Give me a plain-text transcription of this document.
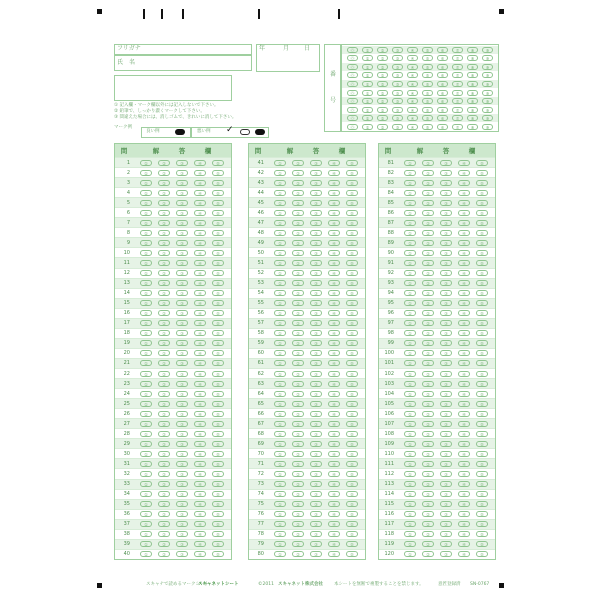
フリガナ
氏　名
年	月 日
番
号
⓪	①	②	③	④	⑤	⑥	⑦	⑧	⑨
⓪	①	②	③	④	⑤	⑥	⑦	⑧	⑨
⓪	①	②	③	④	⑤	⑥	⑦	⑧	⑨
⓪	①	②	③	④	⑤	⑥	⑦	⑧	⑨
⓪	①	②	③	④	⑤	⑥	⑦	⑧	⑨
⓪	①	②	③	④	⑤	⑥	⑦	⑧	⑨
⓪	①	②	③	④	⑤	⑥	⑦	⑧	⑨
⓪	①	②	③	④	⑤	⑥	⑦	⑧	⑨
⓪	①	②	③	④	⑤	⑥	⑦	⑧	⑨
⓪	①	②	③	④	⑤	⑥	⑦	⑧	⑨
① 記入欄・マーク欄以外には記入しないで下さい。
② 鉛筆で、しっかり濃くマークして下さい。
③ 間違えた場合には、消しゴムで、きれいに消して下さい。
マーク例
良い例	悪い例 ✓
問	解	答	欄
1	①	②	③	④	⑤
2	①	②	③	④	⑤
3	①	②	③	④	⑤
4	①	②	③	④	⑤
5	①	②	③	④	⑤
6	①	②	③	④	⑤
7	①	②	③	④	⑤
8	①	②	③	④	⑤
9	①	②	③	④	⑤
10	①	②	③	④	⑤
11	①	②	③	④	⑤
12	①	②	③	④	⑤
13	①	②	③	④	⑤
14	①	②	③	④	⑤
15	①	②	③	④	⑤
16	①	②	③	④	⑤
17	①	②	③	④	⑤
18	①	②	③	④	⑤
19	①	②	③	④	⑤
20	①	②	③	④	⑤
21	①	②	③	④	⑤
22	①	②	③	④	⑤
23	①	②	③	④	⑤
24	①	②	③	④	⑤
25	①	②	③	④	⑤
26	①	②	③	④	⑤
27	①	②	③	④	⑤
28	①	②	③	④	⑤
29	①	②	③	④	⑤
30	①	②	③	④	⑤
31	①	②	③	④	⑤
32	①	②	③	④	⑤
33	①	②	③	④	⑤
34	①	②	③	④	⑤
35	①	②	③	④	⑤
36	①	②	③	④	⑤
37	①	②	③	④	⑤
38	①	②	③	④	⑤
39	①	②	③	④	⑤
40	①	②	③	④	⑤
問	解	答	欄
41	①	②	③	④	⑤
42	①	②	③	④	⑤
43	①	②	③	④	⑤
44	①	②	③	④	⑤
45	①	②	③	④	⑤
46	①	②	③	④	⑤
47	①	②	③	④	⑤
48	①	②	③	④	⑤
49	①	②	③	④	⑤
50	①	②	③	④	⑤
51	①	②	③	④	⑤
52	①	②	③	④	⑤
53	①	②	③	④	⑤
54	①	②	③	④	⑤
55	①	②	③	④	⑤
56	①	②	③	④	⑤
57	①	②	③	④	⑤
58	①	②	③	④	⑤
59	①	②	③	④	⑤
60	①	②	③	④	⑤
61	①	②	③	④	⑤
62	①	②	③	④	⑤
63	①	②	③	④	⑤
64	①	②	③	④	⑤
65	①	②	③	④	⑤
66	①	②	③	④	⑤
67	①	②	③	④	⑤
68	①	②	③	④	⑤
69	①	②	③	④	⑤
70	①	②	③	④	⑤
71	①	②	③	④	⑤
72	①	②	③	④	⑤
73	①	②	③	④	⑤
74	①	②	③	④	⑤
75	①	②	③	④	⑤
76	①	②	③	④	⑤
77	①	②	③	④	⑤
78	①	②	③	④	⑤
79	①	②	③	④	⑤
80	①	②	③	④	⑤
問	解	答	欄
81	①	②	③	④	⑤
82	①	②	③	④	⑤
83	①	②	③	④	⑤
84	①	②	③	④	⑤
85	①	②	③	④	⑤
86	①	②	③	④	⑤
87	①	②	③	④	⑤
88	①	②	③	④	⑤
89	①	②	③	④	⑤
90	①	②	③	④	⑤
91	①	②	③	④	⑤
92	①	②	③	④	⑤
93	①	②	③	④	⑤
94	①	②	③	④	⑤
95	①	②	③	④	⑤
96	①	②	③	④	⑤
97	①	②	③	④	⑤
98	①	②	③	④	⑤
99	①	②	③	④	⑤
100	①	②	③	④	⑤
101	①	②	③	④	⑤
102	①	②	③	④	⑤
103	①	②	③	④	⑤
104	①	②	③	④	⑤
105	①	②	③	④	⑤
106	①	②	③	④	⑤
107	①	②	③	④	⑤
108	①	②	③	④	⑤
109	①	②	③	④	⑤
110	①	②	③	④	⑤
111	①	②	③	④	⑤
112	①	②	③	④	⑤
113	①	②	③	④	⑤
114	①	②	③	④	⑤
115	①	②	③	④	⑤
116	①	②	③	④	⑤
117	①	②	③	④	⑤
118	①	②	③	④	⑤
119	①	②	③	④	⑤
120	①	②	③	④	⑤
スキャナで読めるマークシート
スキャネットシート	©2011 スキャネット株式会社 本シートを無断で複製することを禁じます。	意匠登録済 SN-0767
